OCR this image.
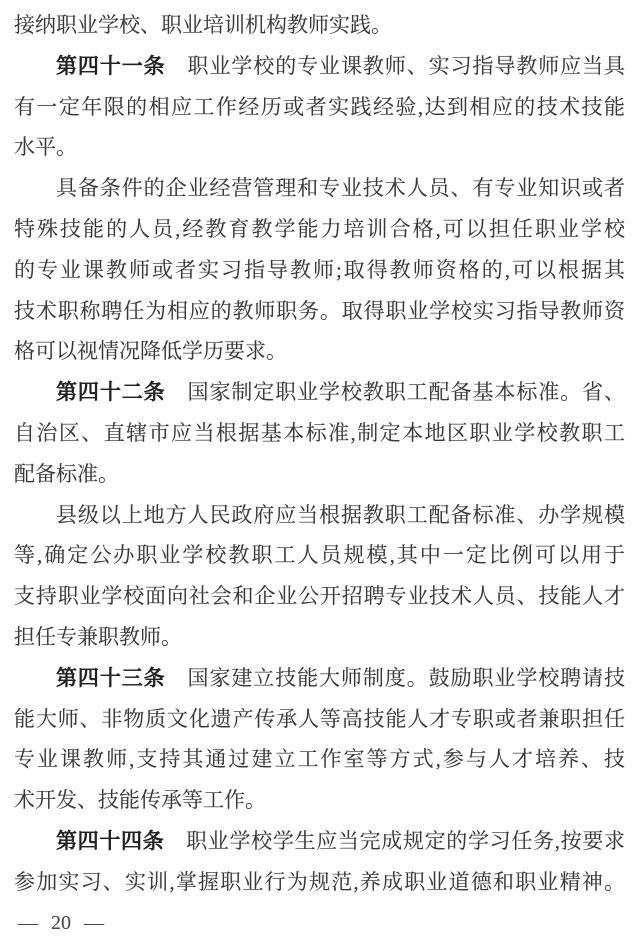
接纳职业学校、职业培训机构教师实践。
第四十一条　职业学校的专业课教师、实习指导教师应当具
有一定年限的相应工作经历或者实践经验,达到相应的技术技能
水平。
具备条件的企业经营管理和专业技术人员、有专业知识或者
特殊技能的人员,经教育教学能力培训合格,可以担任职业学校
的专业课教师或者实习指导教师;取得教师资格的,可以根据其
技术职称聘任为相应的教师职务。取得职业学校实习指导教师资
格可以视情况降低学历要求。
第四十二条　国家制定职业学校教职工配备基本标准。省、
自治区、直辖市应当根据基本标准,制定本地区职业学校教职工
配备标准。
县级以上地方人民政府应当根据教职工配备标准、办学规模
等,确定公办职业学校教职工人员规模,其中一定比例可以用于
支持职业学校面向社会和企业公开招聘专业技术人员、技能人才
担任专兼职教师。
第四十三条　国家建立技能大师制度。鼓励职业学校聘请技
能大师、非物质文化遗产传承人等高技能人才专职或者兼职担任
专业课教师,支持其通过建立工作室等方式,参与人才培养、技
术开发、技能传承等工作。
第四十四条　职业学校学生应当完成规定的学习任务,按要求
参加实习、实训,掌握职业行为规范,养成职业道德和职业精神。
— 20 —
